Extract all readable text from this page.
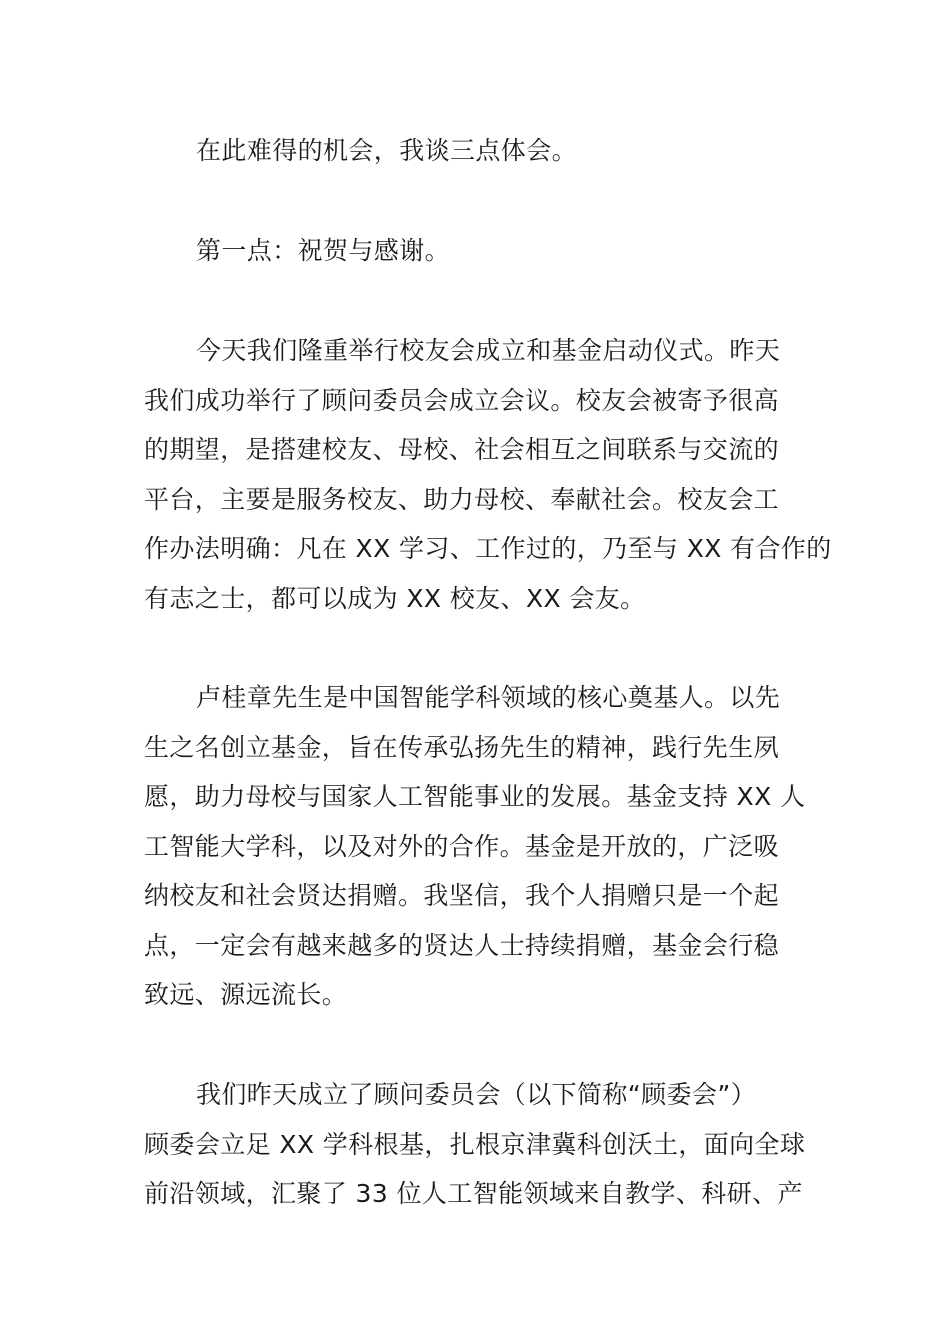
在此难得的机会，我谈三点体会。
第一点：祝贺与感谢。
今天我们隆重举行校友会成立和基金启动仪式。昨天
我们成功举行了顾问委员会成立会议。校友会被寄予很高
的期望，是搭建校友、母校、社会相互之间联系与交流的
平台，主要是服务校友、助力母校、奉献社会。校友会工
作办法明确：凡在 XX 学习、工作过的，乃至与 XX 有合作的
有志之士，都可以成为 XX 校友、XX 会友。
卢桂章先生是中国智能学科领域的核心奠基人。以先
生之名创立基金，旨在传承弘扬先生的精神，践行先生夙
愿，助力母校与国家人工智能事业的发展。基金支持 XX 人
工智能大学科，以及对外的合作。基金是开放的，广泛吸
纳校友和社会贤达捐赠。我坚信，我个人捐赠只是一个起
点，一定会有越来越多的贤达人士持续捐赠，基金会行稳
致远、源远流长。
我们昨天成立了顾问委员会（以下简称“顾委会”）
顾委会立足 XX 学科根基，扎根京津冀科创沃土，面向全球
前沿领域，汇聚了 33 位人工智能领域来自教学、科研、产
